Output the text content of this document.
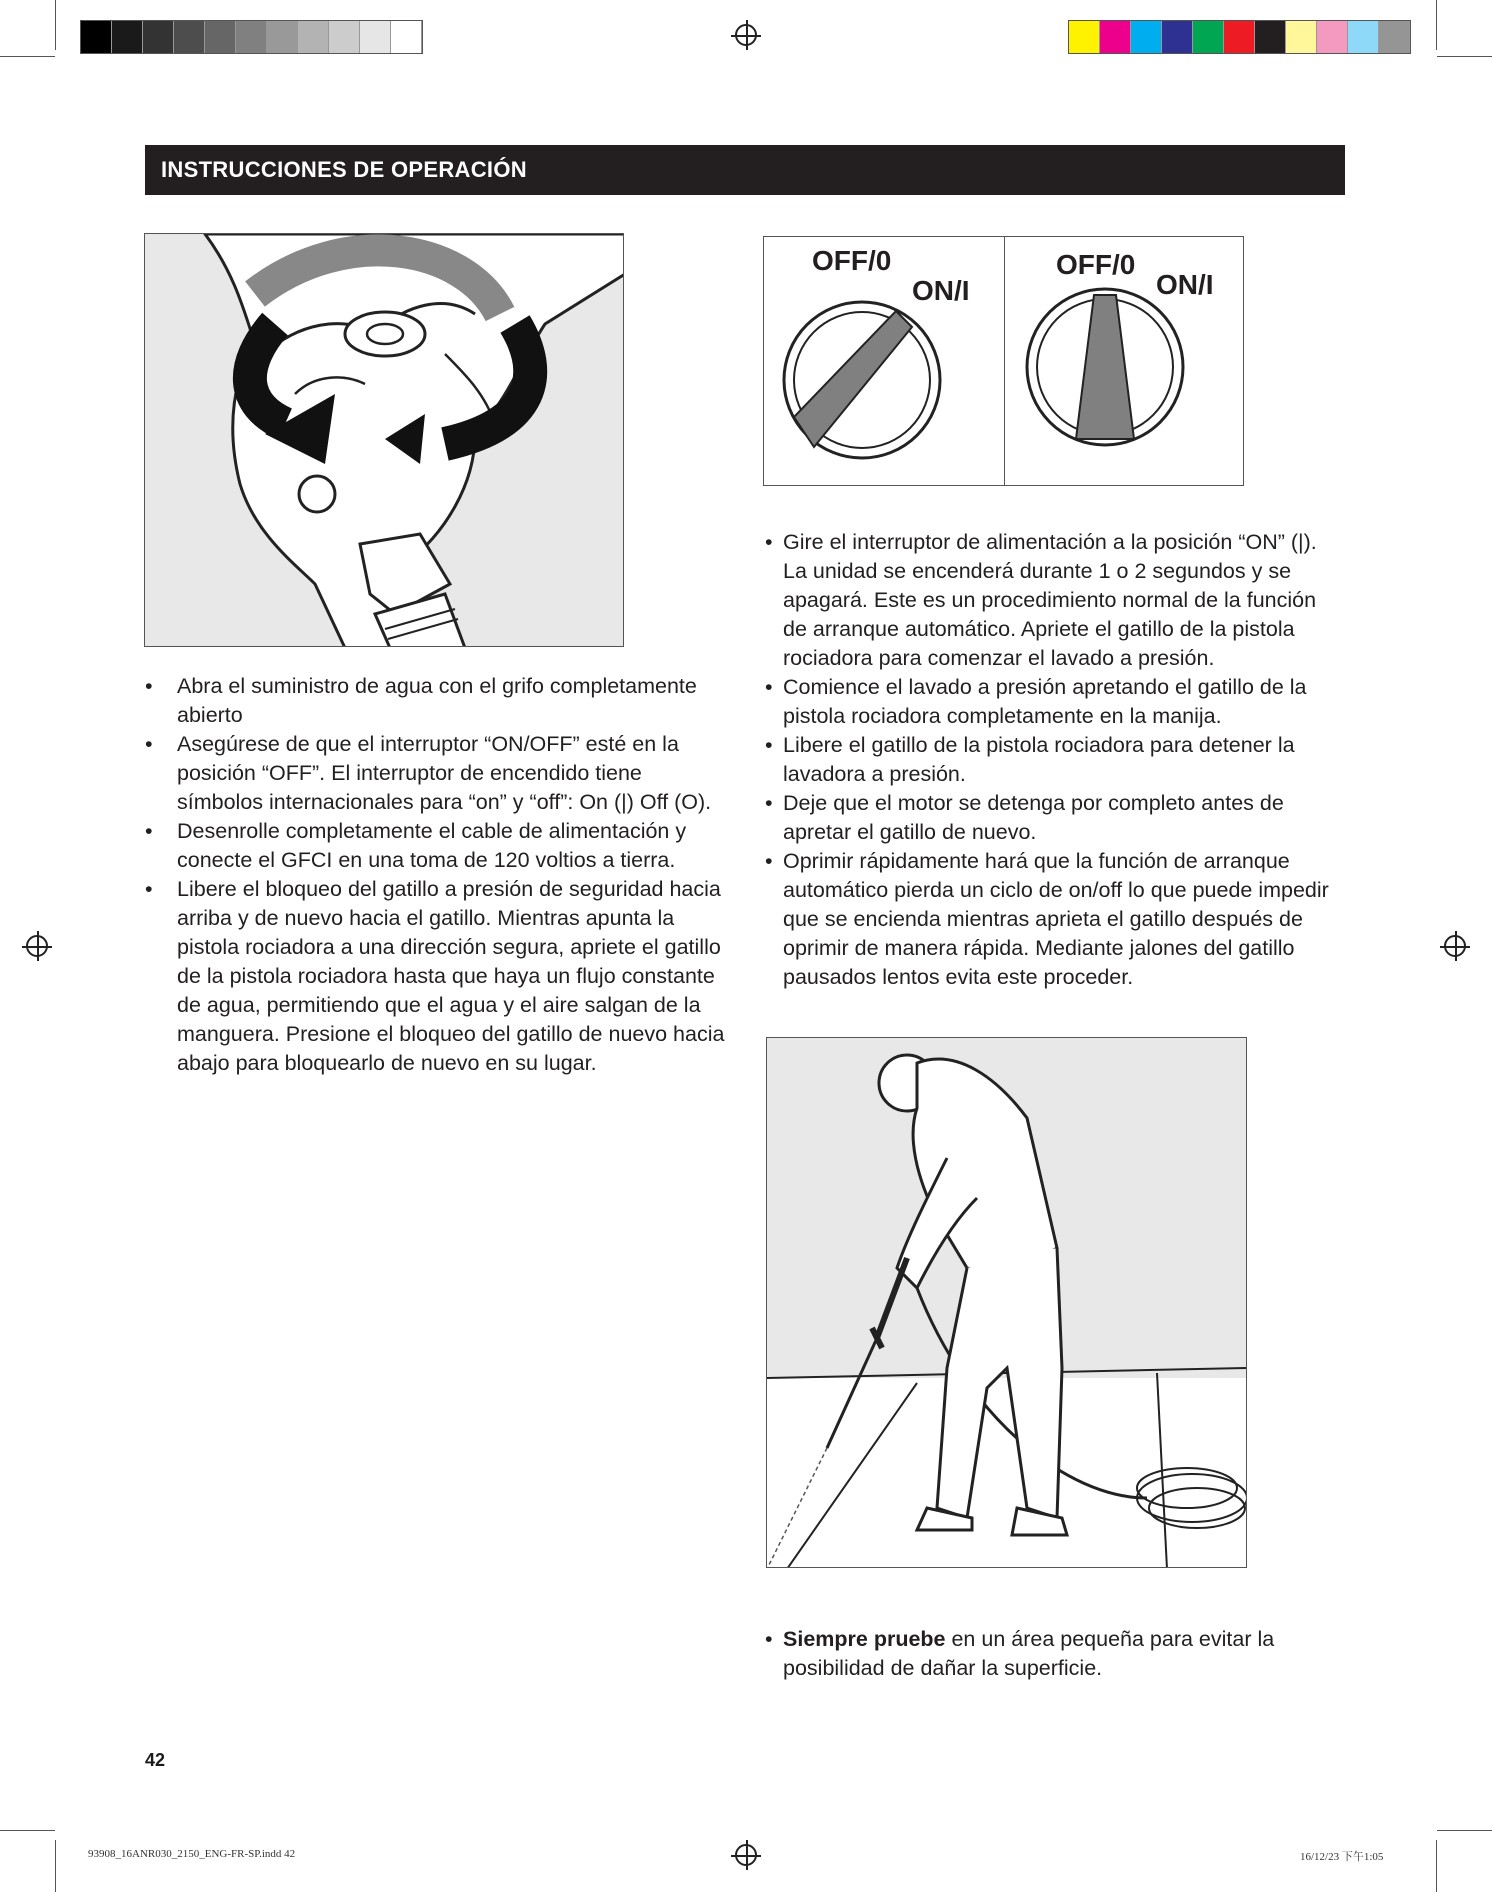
INSTRUCCIONES DE OPERACIÓN
OFF/0
ON/I
OFF/0
ON/I
• Abra el suministro de agua con el grifo completamente abierto
• Asegúrese de que el interruptor “ON/OFF” esté en la posición “OFF”. El interruptor de encendido tiene símbolos internacionales para “on” y “off”: On (|) Off (O).
• Desenrolle completamente el cable de alimentación y conecte el GFCI en una toma de 120 voltios a tierra.
• Libere el bloqueo del gatillo a presión de seguridad hacia arriba y de nuevo hacia el gatillo. Mientras apunta la pistola rociadora a una dirección segura, apriete el gatillo de la pistola rociadora hasta que haya un flujo constante de agua, permitiendo que el agua y el aire salgan de la manguera. Presione el bloqueo del gatillo de nuevo hacia abajo para bloquearlo de nuevo en su lugar.
• Gire el interruptor de alimentación a la posición “ON” (|). La unidad se encenderá durante 1 o 2 segundos y se apagará. Este es un procedimiento normal de la función de arranque automático. Apriete el gatillo de la pistola rociadora para comenzar el lavado a presión.
• Comience el lavado a presión apretando el gatillo de la pistola rociadora completamente en la manija.
• Libere el gatillo de la pistola rociadora para detener la lavadora a presión.
• Deje que el motor se detenga por completo antes de apretar el gatillo de nuevo.
• Oprimir rápidamente hará que la función de arranque automático pierda un ciclo de on/off lo que puede impedir que se encienda mientras aprieta el gatillo después de oprimir de manera rápida. Mediante jalones del gatillo pausados lentos evita este proceder.
• Siempre pruebe en un área pequeña para evitar la posibilidad de dañar la superficie.
42
93908_16ANR030_2150_ENG-FR-SP.indd 42	16/12/23 下午1:05
